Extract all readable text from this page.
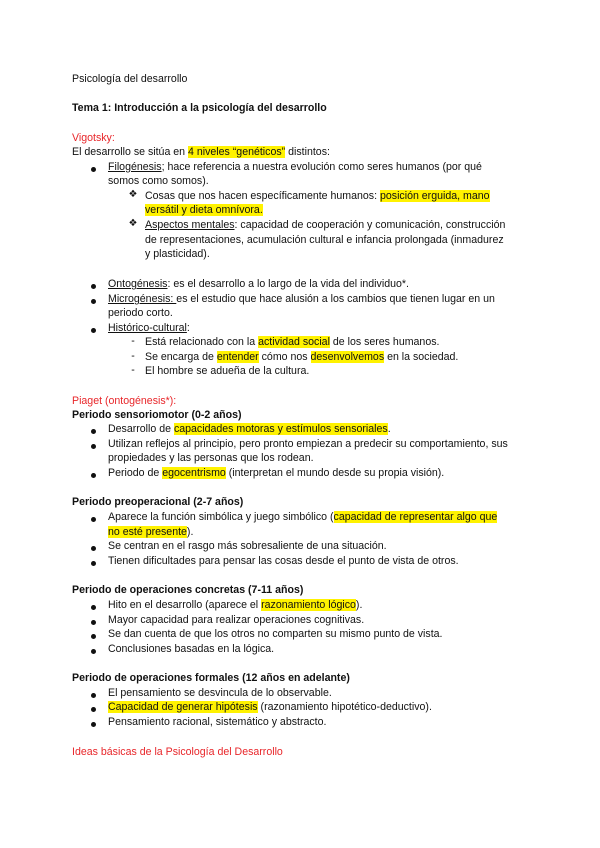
Psicología del desarrollo
Tema 1: Introducción a la psicología del desarrollo
Vigotsky:
El desarrollo se sitúa en 4 niveles “genéticos” distintos:
Filogénesis; hace referencia a nuestra evolución como seres humanos (por qué
somos como somos).
❖ Cosas que nos hacen específicamente humanos: posición erguida, mano
versátil y dieta omnívora.
❖ Aspectos mentales: capacidad de cooperación y comunicación, construcción
de representaciones, acumulación cultural e infancia prolongada (inmadurez
y plasticidad).
Ontogénesis: es el desarrollo a lo largo de la vida del individuo*.
Microgénesis: es el estudio que hace alusión a los cambios que tienen lugar en un
periodo corto.
Histórico-cultural:
- Está relacionado con la actividad social de los seres humanos.
- Se encarga de entender cómo nos desenvolvemos en la sociedad.
- El hombre se adueña de la cultura.
Piaget (ontogénesis*):
Periodo sensoriomotor (0-2 años)
Desarrollo de capacidades motoras y estímulos sensoriales.
Utilizan reflejos al principio, pero pronto empiezan a predecir su comportamiento, sus
propiedades y las personas que los rodean.
Periodo de egocentrismo (interpretan el mundo desde su propia visión).
Periodo preoperacional (2-7 años)
Aparece la función simbólica y juego simbólico (capacidad de representar algo que
no esté presente).
Se centran en el rasgo más sobresaliente de una situación.
Tienen dificultades para pensar las cosas desde el punto de vista de otros.
Periodo de operaciones concretas (7-11 años)
Hito en el desarrollo (aparece el razonamiento lógico).
Mayor capacidad para realizar operaciones cognitivas.
Se dan cuenta de que los otros no comparten su mismo punto de vista.
Conclusiones basadas en la lógica.
Periodo de operaciones formales (12 años en adelante)
El pensamiento se desvincula de lo observable.
Capacidad de generar hipótesis (razonamiento hipotético-deductivo).
Pensamiento racional, sistemático y abstracto.
Ideas básicas de la Psicología del Desarrollo
